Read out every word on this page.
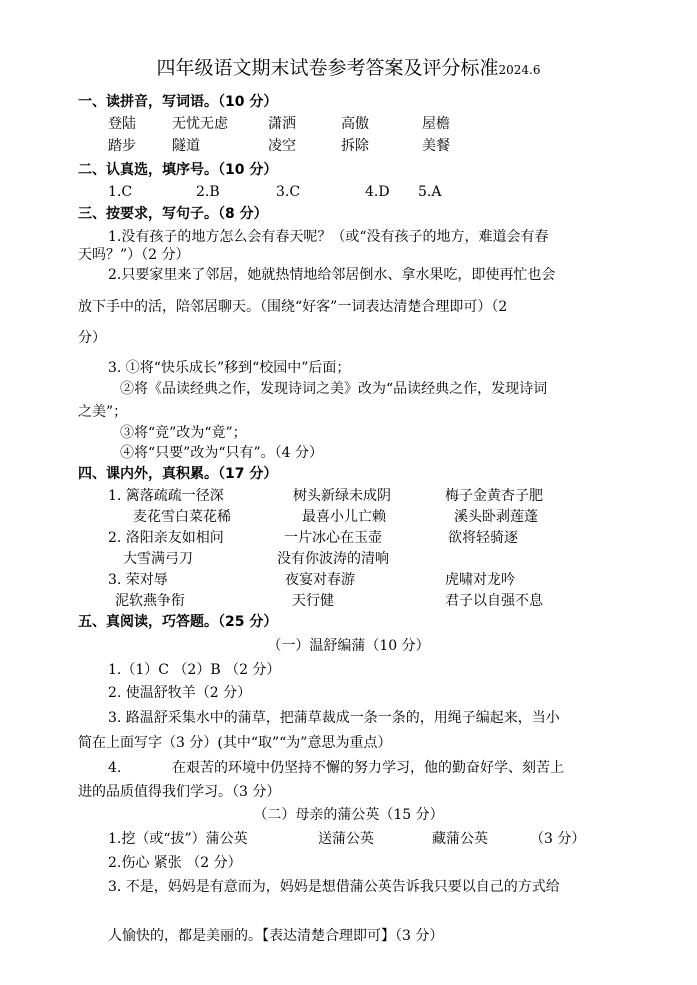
四年级语文期末试卷参考答案及评分标准2024.6
一、读拼音，写词语。（10 分）
登陆	无忧无虑	潇洒	高傲	屋檐
踏步	隧道	凌空	拆除	美餐
二、认真选，填序号。（10 分）
1.C	2.B	3.C	4.D 5.A
三、按要求，写句子。（8 分）
1.没有孩子的地方怎么会有春天呢？（或“没有孩子的地方，难道会有春
天吗？”）（2 分）
2.只要家里来了邻居，她就热情地给邻居倒水、拿水果吃，即使再忙也会
放下手中的活，陪邻居聊天。（围绕“好客”一词表达清楚合理即可）（2
分）
3. ①将“快乐成长”移到“校园中”后面；
②将《品读经典之作，发现诗词之美》改为“品读经典之作，发现诗词
之美”；
③将“竞”改为“竟”；
④将“只要”改为“只有”。（4 分）
四、课内外，真积累。（17 分）
1. 篱落疏疏一径深	树头新绿未成阴	梅子金黄杏子肥
麦花雪白菜花稀	最喜小儿亡赖	溪头卧剥莲蓬
2. 洛阳亲友如相问	一片冰心在玉壶	欲将轻骑逐
大雪满弓刀	没有你波涛的清响
3. 荣对辱	夜宴对春游	虎啸对龙吟
泥软燕争衔	天行健	君子以自强不息
五、真阅读，巧答题。（25 分）
（一）温舒编蒲（10 分）
1.（1）C （2）B （2 分）
2. 使温舒牧羊（2 分）
3. 路温舒采集水中的蒲草，把蒲草裁成一条一条的，用绳子编起来，当小
简在上面写字（3 分）(其中“取”“为”意思为重点）
4.	在艰苦的环境中仍坚持不懈的努力学习，他的勤奋好学、刻苦上
进的品质值得我们学习。（3 分）
（二）母亲的蒲公英（15 分）
1.挖（或“拔”）蒲公英	送蒲公英	藏蒲公英	（3 分）
2.伤心 紧张 （2 分）
3. 不是，妈妈是有意而为，妈妈是想借蒲公英告诉我只要以自己的方式给
人愉快的，都是美丽的。【表达清楚合理即可】（3 分）
